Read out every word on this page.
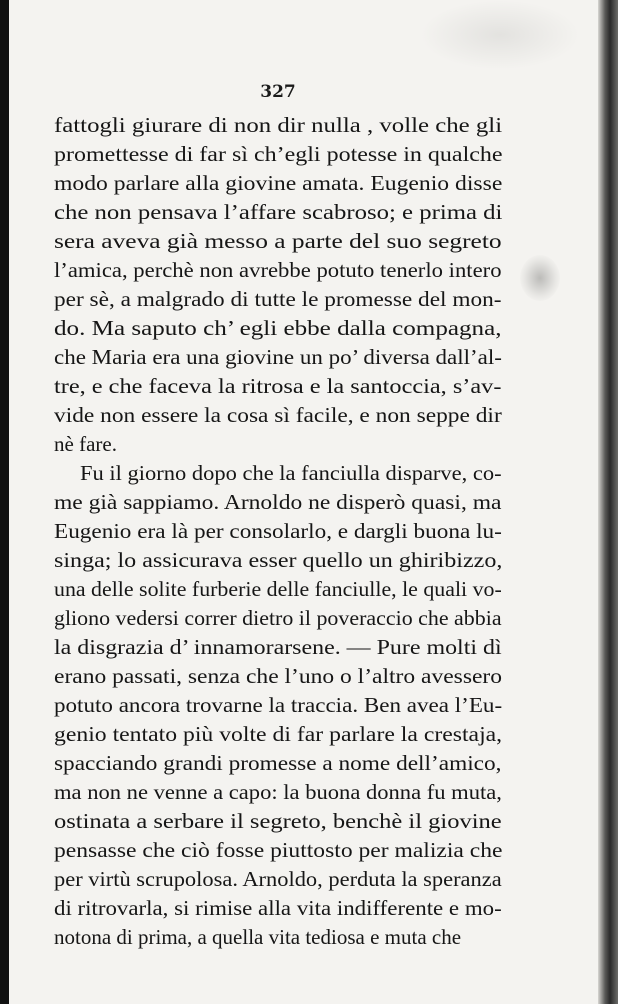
327
fattogli giurare di non dir nulla , volle che gli
promettesse di far sì ch’egli potesse in qualche
modo parlare alla giovine amata. Eugenio disse
che non pensava l’affare scabroso; e prima di
sera aveva già messo a parte del suo segreto
l’amica, perchè non avrebbe potuto tenerlo intero
per sè, a malgrado di tutte le promesse del mon-
do. Ma saputo ch’ egli ebbe dalla compagna,
che Maria era una giovine un po’ diversa dall’al-
tre, e che faceva la ritrosa e la santoccia, s’av-
vide non essere la cosa sì facile, e non seppe dir
nè fare.
Fu il giorno dopo che la fanciulla disparve, co-
me già sappiamo. Arnoldo ne disperò quasi, ma
Eugenio era là per consolarlo, e dargli buona lu-
singa; lo assicurava esser quello un ghiribizzo,
una delle solite furberie delle fanciulle, le quali vo-
gliono vedersi correr dietro il poveraccio che abbia
la disgrazia d’ innamorarsene. — Pure molti dì
erano passati, senza che l’uno o l’altro avessero
potuto ancora trovarne la traccia. Ben avea l’Eu-
genio tentato più volte di far parlare la crestaja,
spacciando grandi promesse a nome dell’amico,
ma non ne venne a capo: la buona donna fu muta,
ostinata a serbare il segreto, benchè il giovine
pensasse che ciò fosse piuttosto per malizia che
per virtù scrupolosa. Arnoldo, perduta la speranza
di ritrovarla, si rimise alla vita indifferente e mo-
notona di prima, a quella vita tediosa e muta che
